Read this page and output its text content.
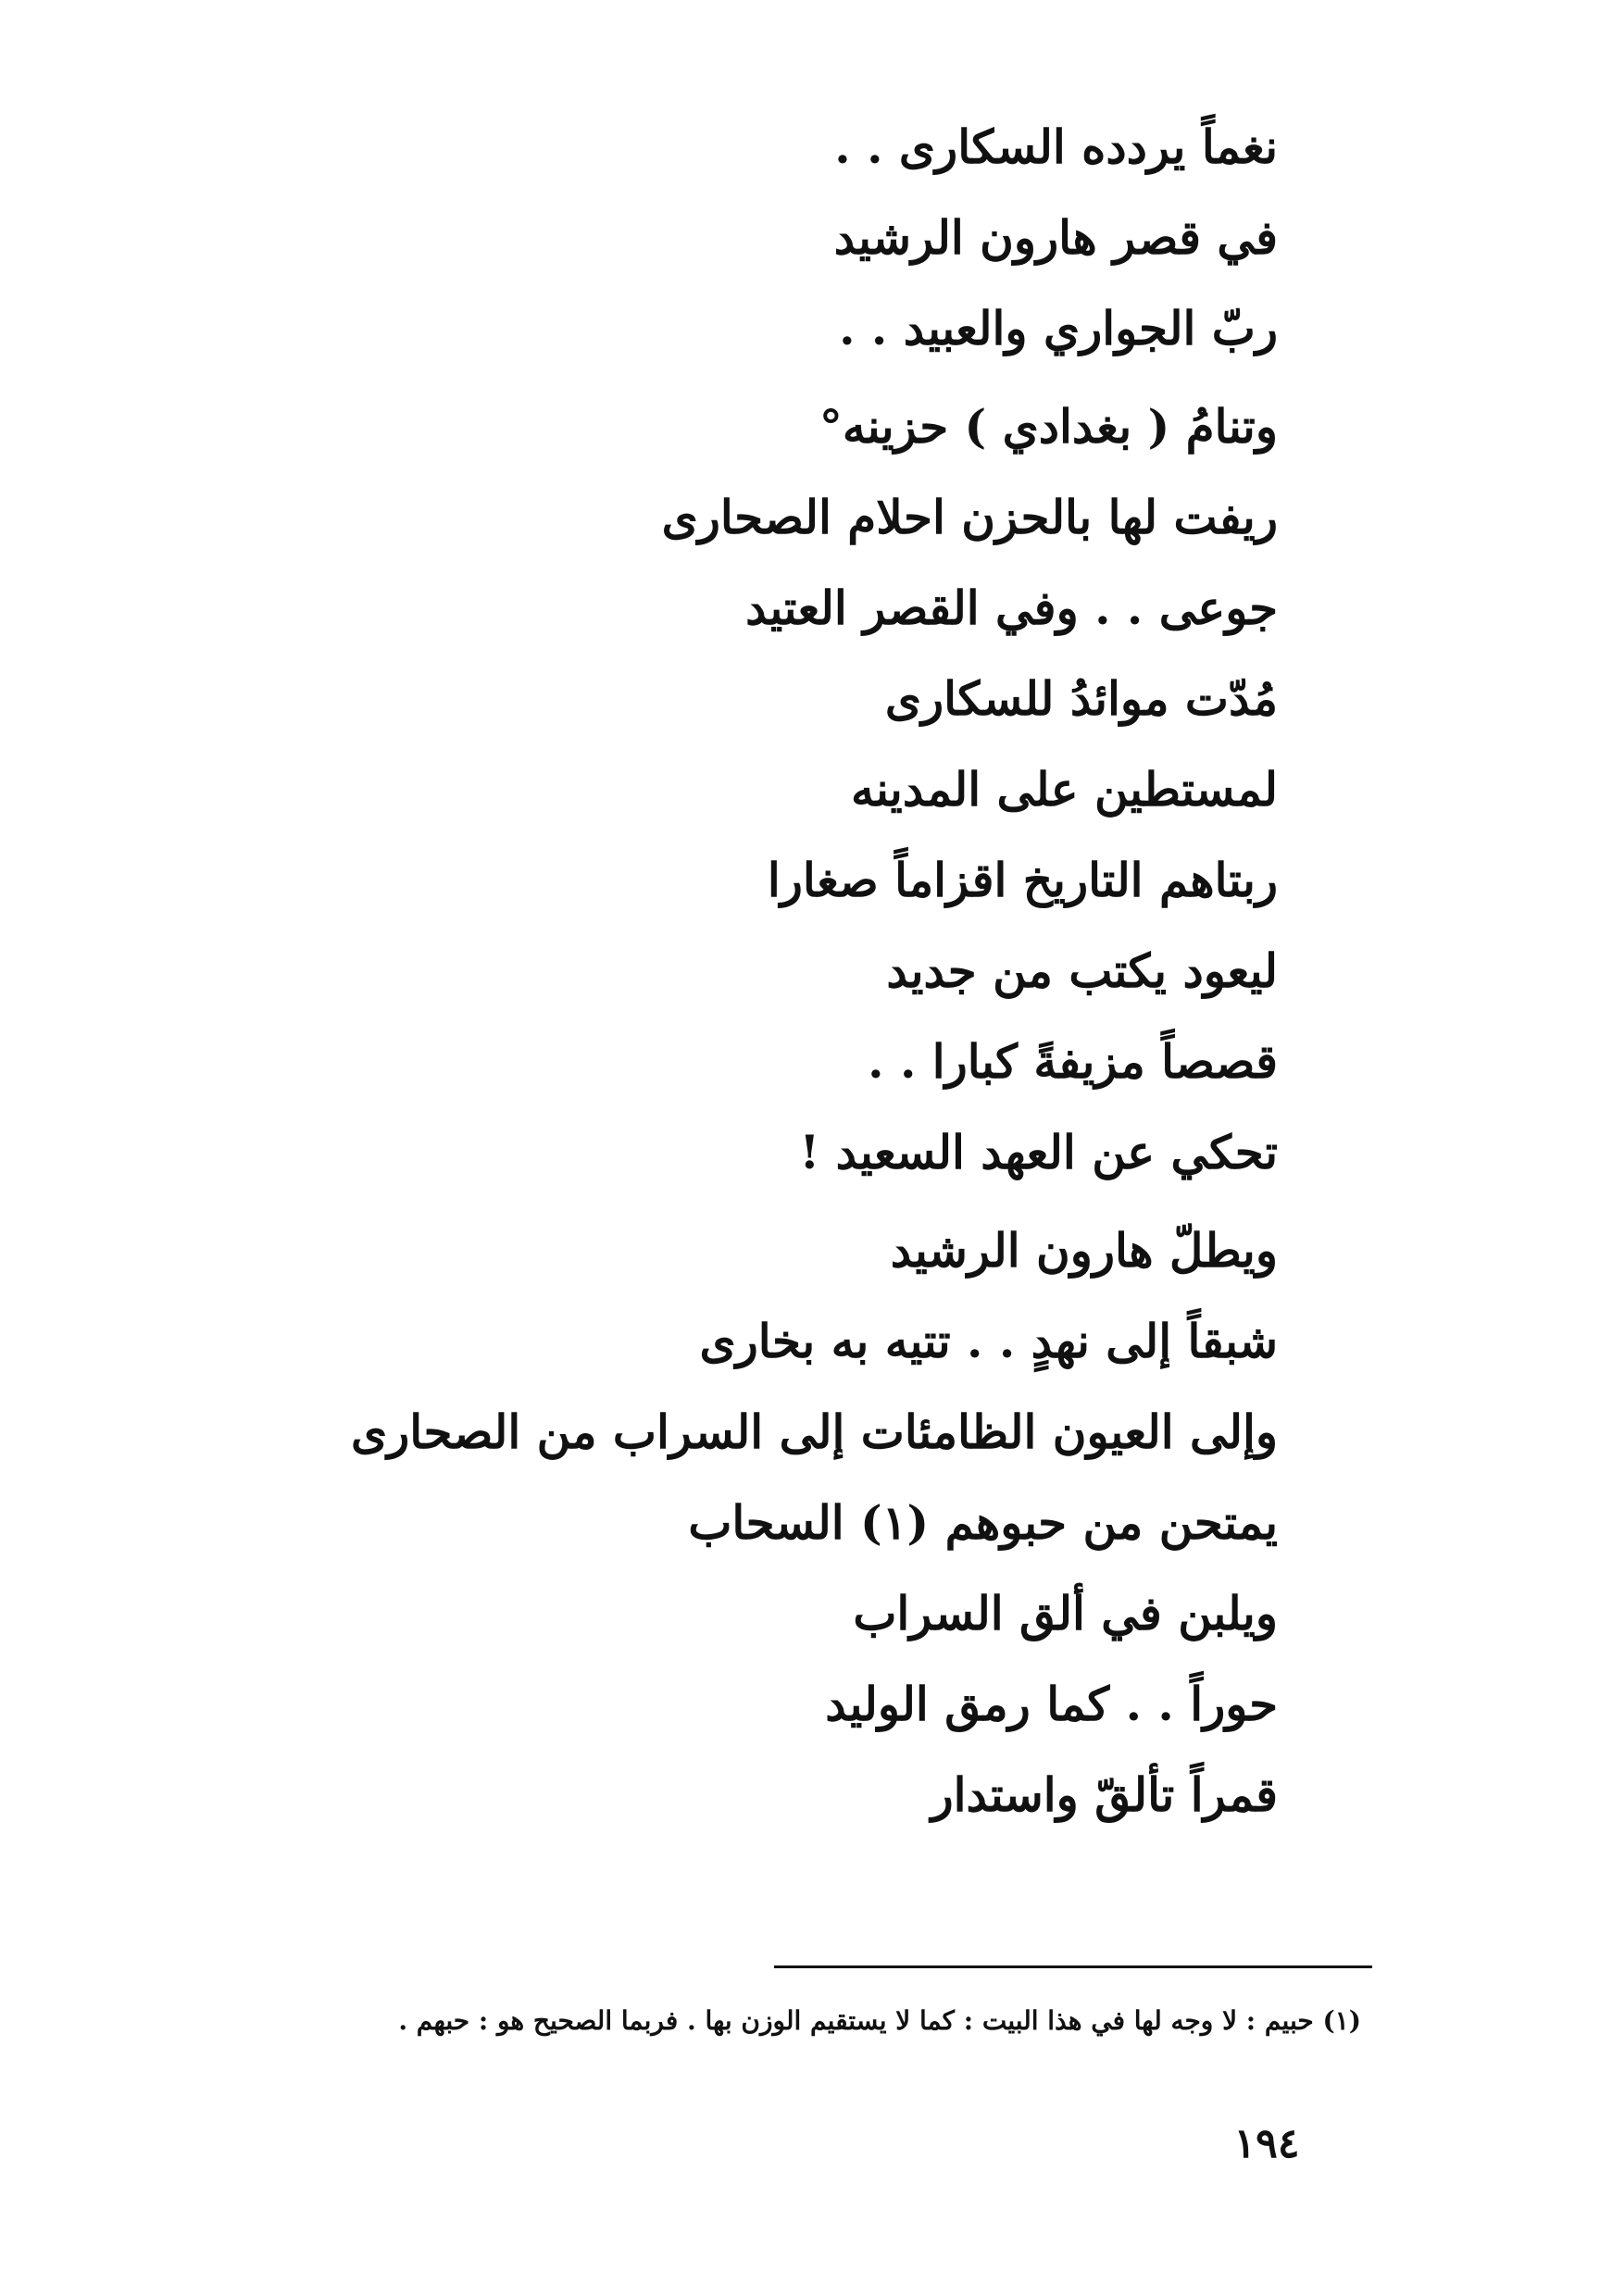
نغماً يردده السكارى . .
في قصر هارون الرشيد
ربّ الجواري والعبيد . .
وتنامُ ( بغدادي ) حزينه°
ريفت لها بالحزن احلام الصحارى
جوعى . . وفي القصر العتيد
مُدّت موائدُ للسكارى
لمستطين على المدينه
ربتاهم التاريخ اقزاماً صغارا
ليعود يكتب من جديد
قصصاً مزيفةً كبارا . .
تحكي عن العهد السعيد !
ويطلّ هارون الرشيد
شبقاً إلى نهدٍ . . تتيه به بخارى
وإلى العيون الظامئات إلى السراب من الصحارى
يمتحن من حبوهم (١) السحاب
ويلبن في ألق السراب
حوراً . . كما رمق الوليد
قمراً تألقّ واستدار
(١) حبيم : لا وجه لها في هذا البيت : كما لا يستقيم الوزن بها . فربما الصحيح هو : حبهم .
١٩٤
